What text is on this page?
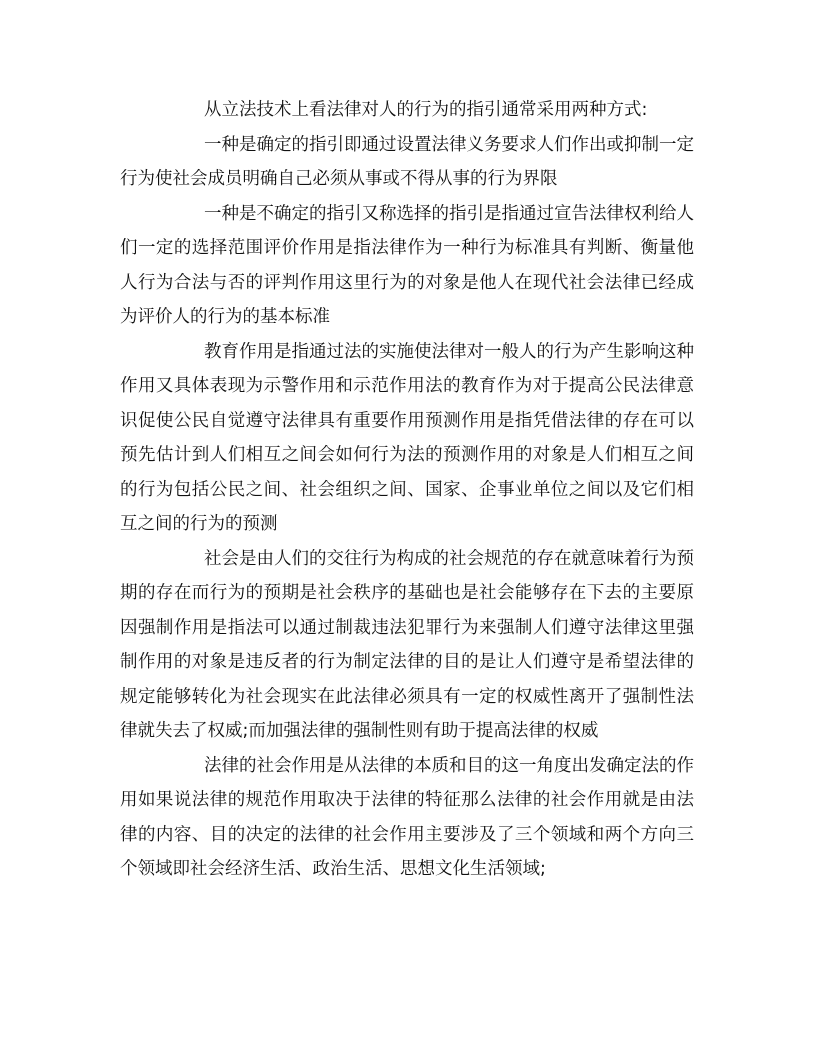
从立法技术上看法律对人的行为的指引通常采用两种方式:

一种是确定的指引即通过设置法律义务要求人们作出或抑制一定行为使社会成员明确自己必须从事或不得从事的行为界限

一种是不确定的指引又称选择的指引是指通过宣告法律权利给人们一定的选择范围评价作用是指法律作为一种行为标准具有判断、衡量他人行为合法与否的评判作用这里行为的对象是他人在现代社会法律已经成为评价人的行为的基本标准

教育作用是指通过法的实施使法律对一般人的行为产生影响这种作用又具体表现为示警作用和示范作用法的教育作为对于提高公民法律意识促使公民自觉遵守法律具有重要作用预测作用是指凭借法律的存在可以预先估计到人们相互之间会如何行为法的预测作用的对象是人们相互之间的行为包括公民之间、社会组织之间、国家、企事业单位之间以及它们相互之间的行为的预测

社会是由人们的交往行为构成的社会规范的存在就意味着行为预期的存在而行为的预期是社会秩序的基础也是社会能够存在下去的主要原因强制作用是指法可以通过制裁违法犯罪行为来强制人们遵守法律这里强制作用的对象是违反者的行为制定法律的目的是让人们遵守是希望法律的规定能够转化为社会现实在此法律必须具有一定的权威性离开了强制性法律就失去了权威;而加强法律的强制性则有助于提高法律的权威

法律的社会作用是从法律的本质和目的这一角度出发确定法的作用如果说法律的规范作用取决于法律的特征那么法律的社会作用就是由法律的内容、目的决定的法律的社会作用主要涉及了三个领域和两个方向三个领域即社会经济生活、政治生活、思想文化生活领域;
